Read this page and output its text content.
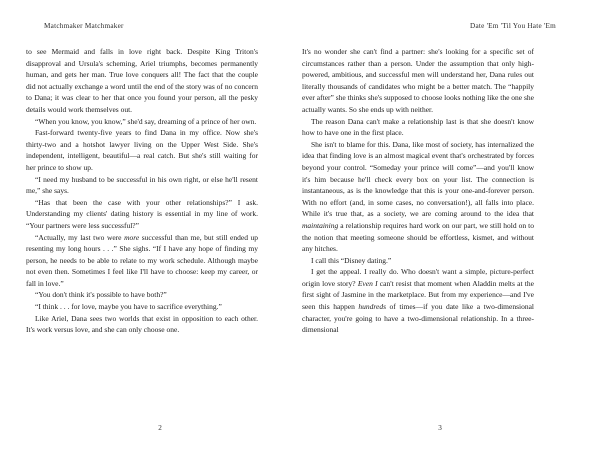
Matchmaker Matchmaker	Date 'Em 'Til You Hate 'Em

to see Mermaid and falls in love right back. Despite King Triton's disapproval and Ursula's scheming, Ariel triumphs, becomes permanently human, and gets her man. True love conquers all! The fact that the couple did not actually exchange a word until the end of the story was of no concern to Dana; it was clear to her that once you found your person, all the pesky details would work themselves out.

“When you know, you know,” she'd say, dreaming of a prince of her own.

Fast-forward twenty-five years to find Dana in my office. Now she's thirty-two and a hotshot lawyer living on the Upper West Side. She's independent, intelligent, beautiful—a real catch. But she's still waiting for her prince to show up.

“I need my husband to be successful in his own right, or else he'll resent me,” she says.

“Has that been the case with your other relationships?” I ask. Understanding my clients' dating history is essential in my line of work. “Your partners were less successful?”

“Actually, my last two were more successful than me, but still ended up resenting my long hours . . .” She sighs. “If I have any hope of finding my person, he needs to be able to relate to my work schedule. Although maybe not even then. Sometimes I feel like I'll have to choose: keep my career, or fall in love.”

“You don't think it's possible to have both?”

“I think . . . for love, maybe you have to sacrifice everything.”

Like Ariel, Dana sees two worlds that exist in opposition to each other. It's work versus love, and she can only choose one.

It's no wonder she can't find a partner: she's looking for a specific set of circumstances rather than a person. Under the assumption that only high-powered, ambitious, and successful men will understand her, Dana rules out literally thousands of candidates who might be a better match. The “happily ever after” she thinks she's supposed to choose looks nothing like the one she actually wants. So she ends up with neither.

The reason Dana can't make a relationship last is that she doesn't know how to have one in the first place.

She isn't to blame for this. Dana, like most of society, has internalized the idea that finding love is an almost magical event that's orchestrated by forces beyond your control. “Someday your prince will come”—and you'll know it's him because he'll check every box on your list. The connection is instantaneous, as is the knowledge that this is your one-and-forever person. With no effort (and, in some cases, no conversation!), all falls into place. While it's true that, as a society, we are coming around to the idea that maintaining a relationship requires hard work on our part, we still hold on to the notion that meeting someone should be effortless, kismet, and without any hitches.

I call this “Disney dating.”

I get the appeal. I really do. Who doesn't want a simple, picture-perfect origin love story? Even I can't resist that moment when Aladdin melts at the first sight of Jasmine in the marketplace. But from my experience—and I've seen this happen hundreds of times—if you date like a two-dimensional character, you're going to have a two-dimensional relationship. In a three-dimensional

2	3
